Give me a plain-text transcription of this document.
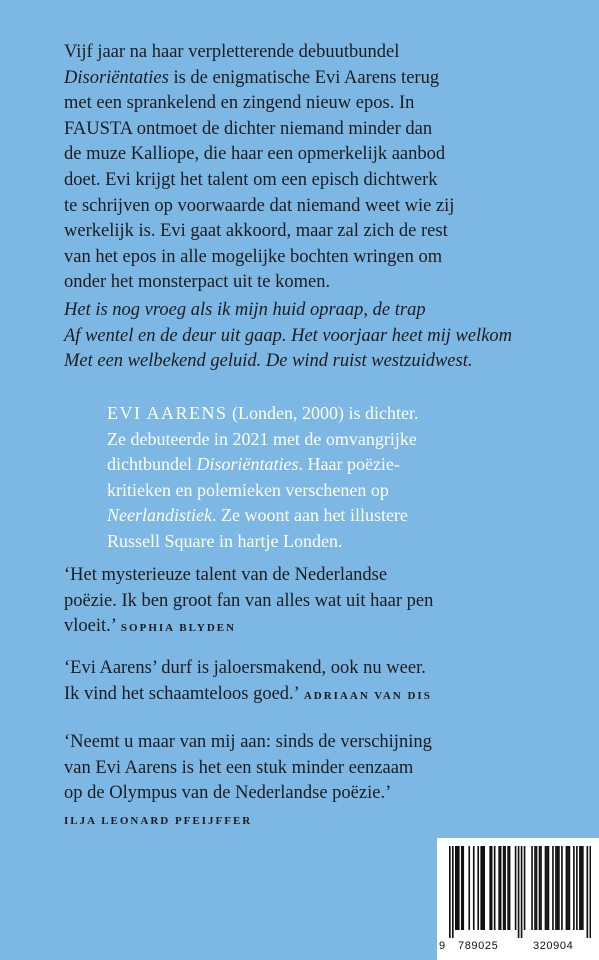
Vijf jaar na haar verpletterende debuutbundel
Disoriëntaties is de enigmatische Evi Aarens terug
met een sprankelend en zingend nieuw epos. In
FAUSTA ontmoet de dichter niemand minder dan
de muze Kalliope, die haar een opmerkelijk aanbod
doet. Evi krijgt het talent om een episch dichtwerk
te schrijven op voorwaarde dat niemand weet wie zij
werkelijk is. Evi gaat akkoord, maar zal zich de rest
van het epos in alle mogelijke bochten wringen om
onder het monsterpact uit te komen.
Het is nog vroeg als ik mijn huid opraap, de trap
Af wentel en de deur uit gaap. Het voorjaar heet mij welkom
Met een welbekend geluid. De wind ruist westzuidwest.
EVI AARENS (Londen, 2000) is dichter.
Ze debuteerde in 2021 met de omvangrijke
dichtbundel Disoriëntaties. Haar poëzie-
kritieken en polemieken verschenen op
Neerlandistiek. Ze woont aan het illustere
Russell Square in hartje Londen.
‘Het mysterieuze talent van de Nederlandse
poëzie. Ik ben groot fan van alles wat uit haar pen
vloeit.’ SOPHIA BLYDEN
‘Evi Aarens’ durf is jaloersmakend, ook nu weer.
Ik vind het schaamteloos goed.’ ADRIAAN VAN DIS
‘Neemt u maar van mij aan: sinds de verschijning
van Evi Aarens is het een stuk minder eenzaam
op de Olympus van de Nederlandse poëzie.’
ILJA LEONARD PFEIJFFER
9 789025	320904
